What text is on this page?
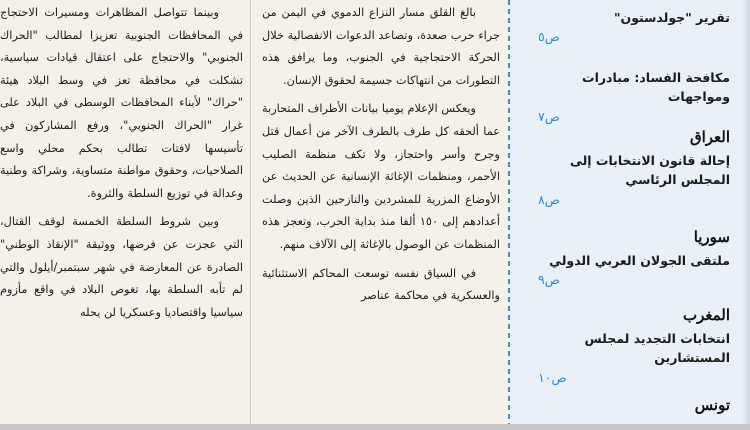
وبينما تتواصل المظاهرات ومسيرات الاحتجاج في المحافظات الجنوبية تعزيزا لمطالب "الحراك الجنوبي" والاحتجاج على اعتقال قيادات سياسية، تشكلت في محافظة تعز في وسط البلاد هيئة "حراك" لأبناء المحافظات الوسطى في البلاد على غرار "الحراك الجنوبي"، ورفع المشاركون في تأسيسها لافتات تطالب بحكم محلي واسع الصلاحيات، وحقوق مواطنة متساوية، وشراكة وطنية وعدالة في توزيع السلطة والثروة.

وبين شروط السلطة الخمسة لوقف القتال، التي عجزت عن فرضها، ووثيقة "الإنقاذ الوطني" الصادرة عن المعارضة في شهر سبتمبر/أيلول والتي لم تأبه السلطة بها، تغوص البلاد في واقع مأزوم سياسيا واقتصاديا وعسكريا لن يحله

بالغ القلق مسار النزاع الدموي في اليمن من جراء حرب صعدة، وتصاعد الدعوات الانفصالية خلال الحركة الاحتجاجية في الجنوب، وما يرافق هذه التطورات من انتهاكات جسيمة لحقوق الإنسان.

ويعكس الإعلام يوميا بيانات الأطراف المتحاربة عما ألحقه كل طرف بالطرف الآخر من أعمال قتل وجرح وأسر واحتجاز، ولا تكف منظمة الصليب الأحمر، ومنظمات الإغاثة الإنسانية عن الحديث عن الأوضاع المزرية للمشردين والنازحين الذين وصلت أعدادهم إلى ١٥٠ ألفا منذ بداية الحرب، وتعجز هذه المنظمات عن الوصول بالإغاثة إلى الآلاف منهم.

في السياق نفسه توسعت المحاكم الاستثنائية والعسكرية في محاكمة عناصر

تقرير "جولدستون"
ص٥
مكافحة الفساد: مبادرات ومواجهات
ص٧
العراق
إحالة قانون الانتخابات إلى المجلس الرئاسي
ص٨
سوريا
ملتقى الجولان العربي الدولي
ص٩
المغرب
انتخابات التجديد لمجلس المستشارين
ص١٠
تونس
